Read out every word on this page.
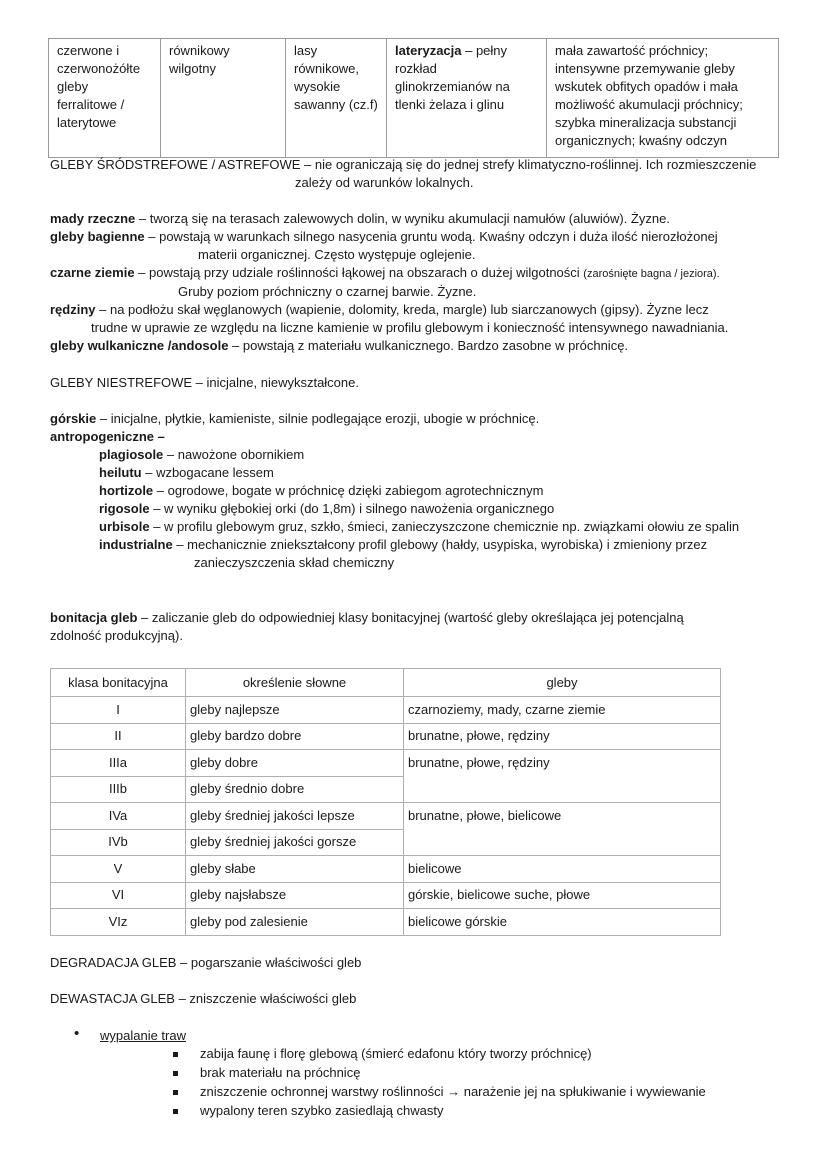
czerwone i
czerwonożółte
gleby
ferralitowe /
laterytowe

równikowy
wilgotny

lasy
równikowe,
wysokie
sawanny (cz.f)

lateryzacja – pełny
rozkład
glinokrzemianów na
tlenki żelaza i glinu

mała zawartość próchnicy;
intensywne przemywanie gleby
wskutek obfitych opadów i mała
możliwość akumulacji próchnicy;
szybka mineralizacja substancji
organicznych; kwaśny odczyn
GLEBY ŚRÓDSTREFOWE / ASTREFOWE – nie ograniczają się do jednej strefy klimatyczno-roślinnej. Ich rozmieszczenie
zależy od warunków lokalnych.
mady rzeczne – tworzą się na terasach zalewowych dolin, w wyniku akumulacji namułów (aluwiów). Żyzne.
gleby bagienne – powstają w warunkach silnego nasycenia gruntu wodą. Kwaśny odczyn i duża ilość nierozłożonej
materii organicznej. Często występuje oglejenie.
czarne ziemie – powstają przy udziale roślinności łąkowej na obszarach o dużej wilgotności (zarośnięte bagna / jeziora).
Gruby poziom próchniczny o czarnej barwie. Żyzne.
rędziny – na podłożu skał węglanowych (wapienie, dolomity, kreda, margle) lub siarczanowych (gipsy). Żyzne lecz
trudne w uprawie ze względu na liczne kamienie w profilu glebowym i konieczność intensywnego nawadniania.
gleby wulkaniczne /andosole – powstają z materiału wulkanicznego. Bardzo zasobne w próchnicę.
GLEBY NIESTREFOWE – inicjalne, niewykształcone.
górskie – inicjalne, płytkie, kamieniste, silnie podlegające erozji, ubogie w próchnicę.
antropogeniczne –
plagiosole – nawożone obornikiem
heilutu – wzbogacane lessem
hortizole – ogrodowe, bogate w próchnicę dzięki zabiegom agrotechnicznym
rigosole – w wyniku głębokiej orki (do 1,8m) i silnego nawożenia organicznego
urbisole – w profilu glebowym gruz, szkło, śmieci, zanieczyszczone chemicznie np. związkami ołowiu ze spalin
industrialne – mechanicznie zniekształcony profil glebowy (hałdy, usypiska, wyrobiska) i zmieniony przez
zanieczyszczenia skład chemiczny
bonitacja gleb – zaliczanie gleb do odpowiedniej klasy bonitacyjnej (wartość gleby określająca jej potencjalną
zdolność produkcyjną).
klasa bonitacyjna	określenie słowne	gleby
I	gleby najlepsze	czarnoziemy, mady, czarne ziemie
II	gleby bardzo dobre	brunatne, płowe, rędziny
IIIa	gleby dobre	brunatne, płowe, rędziny
IIIb	gleby średnio dobre	
IVa	gleby średniej jakości lepsze	brunatne, płowe, bielicowe
IVb	gleby średniej jakości gorsze	
V	gleby słabe	bielicowe
VI	gleby najsłabsze	górskie, bielicowe suche, płowe
VIz	gleby pod zalesienie	bielicowe górskie
DEGRADACJA GLEB – pogarszanie właściwości gleb
DEWASTACJA GLEB – zniszczenie właściwości gleb
• wypalanie traw
zabija faunę i florę glebową (śmierć edafonu który tworzy próchnicę)
brak materiału na próchnicę
zniszczenie ochronnej warstwy roślinności → narażenie jej na spłukiwanie i wywiewanie
wypalony teren szybko zasiedlają chwasty
